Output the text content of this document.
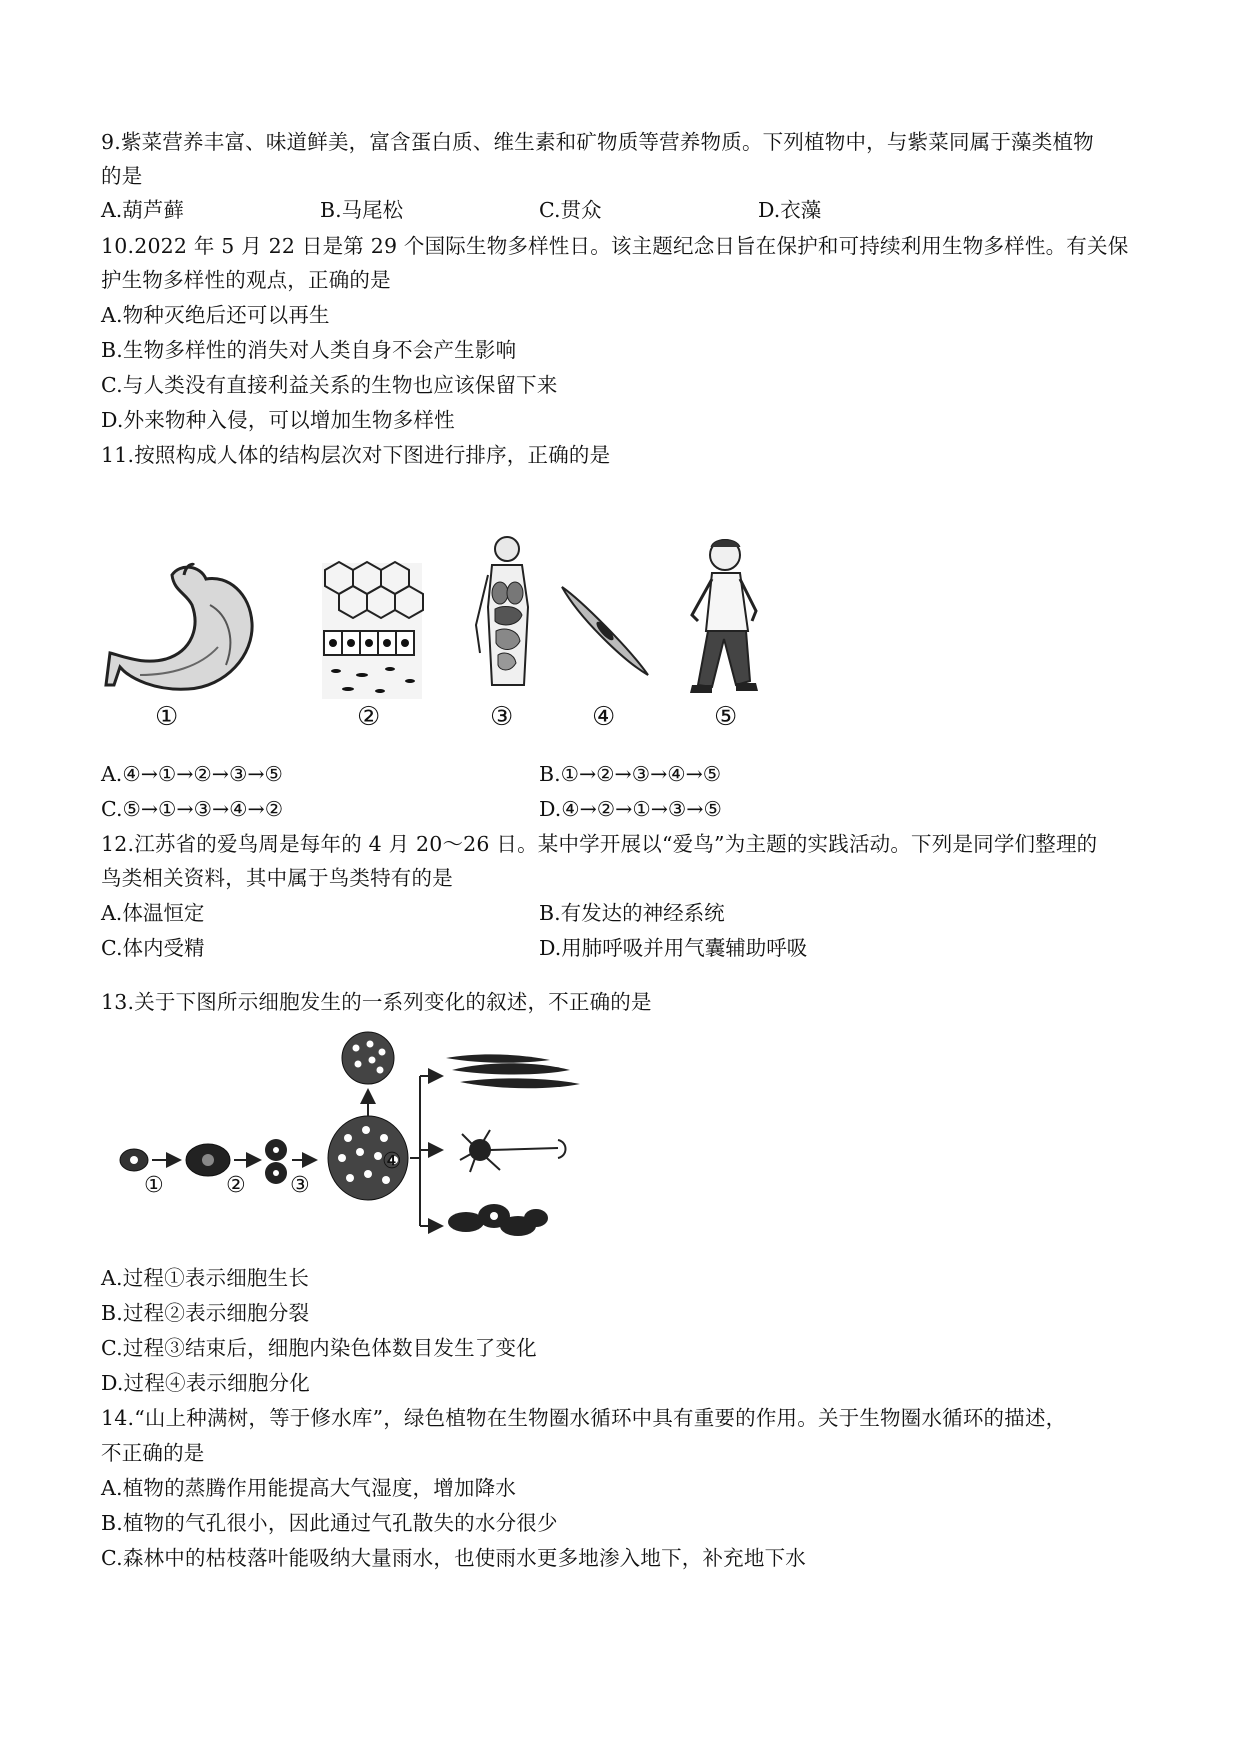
9.紫菜营养丰富、味道鲜美，富含蛋白质、维生素和矿物质等营养物质。下列植物中，与紫菜同属于藻类植物
的是
A.葫芦藓	B.马尾松	C.贯众	D.衣藻
10.2022 年 5 月 22 日是第 29 个国际生物多样性日。该主题纪念日旨在保护和可持续利用生物多样性。有关保
护生物多样性的观点，正确的是
A.物种灭绝后还可以再生
B.生物多样性的消失对人类自身不会产生影响
C.与人类没有直接利益关系的生物也应该保留下来
D.外来物种入侵，可以增加生物多样性
11.按照构成人体的结构层次对下图进行排序，正确的是
①	②	③	④	⑤
A.④→①→②→③→⑤	B.①→②→③→④→⑤
C.⑤→①→③→④→②	D.④→②→①→③→⑤
12.江苏省的爱鸟周是每年的 4 月 20～26 日。某中学开展以“爱鸟”为主题的实践活动。下列是同学们整理的
鸟类相关资料，其中属于鸟类特有的是
A.体温恒定	B.有发达的神经系统
C.体内受精	D.用肺呼吸并用气囊辅助呼吸
13.关于下图所示细胞发生的一系列变化的叙述，不正确的是
④
①	② ③
A.过程①表示细胞生长
B.过程②表示细胞分裂
C.过程③结束后，细胞内染色体数目发生了变化
D.过程④表示细胞分化
14.“山上种满树，等于修水库”，绿色植物在生物圈水循环中具有重要的作用。关于生物圈水循环的描述，
不正确的是
A.植物的蒸腾作用能提高大气湿度，增加降水
B.植物的气孔很小，因此通过气孔散失的水分很少
C.森林中的枯枝落叶能吸纳大量雨水，也使雨水更多地渗入地下，补充地下水
